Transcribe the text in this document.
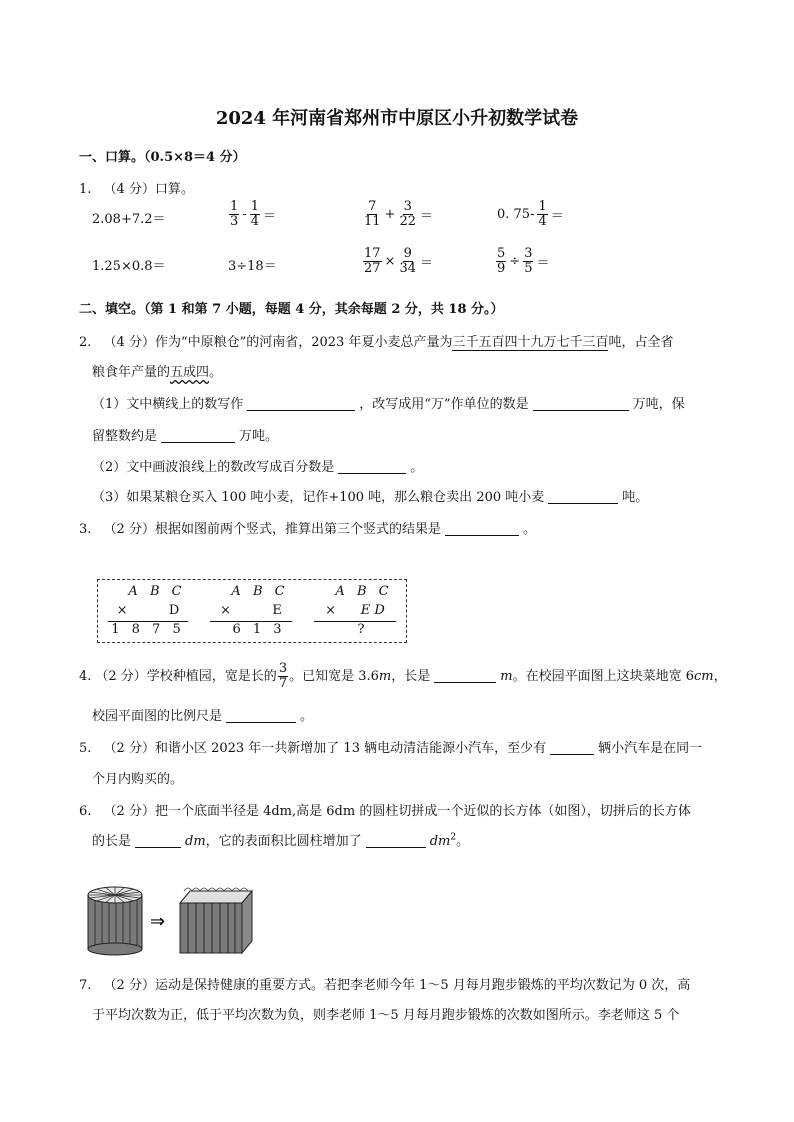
2024 年河南省郑州市中原区小升初数学试卷
一、口算。（0.5×8＝4 分）
1. （4 分）口算。
2.08+7.2＝	$\frac{1}{3} - \frac{1}{4}$ ＝	$\frac{7}{11} + \frac{3}{22}$ ＝	0. $75- \frac{1}{4}$ ＝
1.25×0.8＝	3÷18＝	$\frac{17}{27} \times \frac{9}{34}$ ＝	$\frac{5}{9} \div \frac{3}{5}$ ＝
二、填空。（第 1 和第 7 小题，每题 4 分，其余每题 2 分，共 18 分。）
2. （4 分）作为“中原粮仓”的河南省，2023 年夏小麦总产量为三千五百四十九万七千三百吨，占全省
粮食年产量的五成四。
（1）文中横线上的数写作	，改写成用“万”作单位的数是	万吨，保
留整数约是	万吨。
（2）文中画波浪线上的数改写成百分数是	。
（3）如果某粮仓买入 100 吨小麦，记作+100 吨，那么粮仓卖出 200 吨小麦	吨。
3. （2 分）根据如图前两个竖式，推算出第三个竖式的结果是	。
A B C
×          D
1 8 7 5
A B C
×          E
6 1 3
A B C
×      E D
?
4. （2 分）学校种植园，宽是长的 $\frac{3}{7}$ 。已知宽是 3.6m，长是	m。在校园平面图上这块菜地宽 6cm，
校园平面图的比例尺是	。
5. （2 分）和谐小区 2023 年一共新增加了 13 辆电动清洁能源小汽车，至少有	辆小汽车是在同一
个月内购买的。
6. （2 分）把一个底面半径是 4dm,高是 6dm 的圆柱切拼成一个近似的长方体（如图），切拼后的长方体
的长是	dm，它的表面积比圆柱增加了	$dm^2$。
⇒
7. （2 分）运动是保持健康的重要方式。若把李老师今年 1～5 月每月跑步锻炼的平均次数记为 0 次，高
于平均次数为正，低于平均次数为负，则李老师 1～5 月每月跑步锻炼的次数如图所示。李老师这 5 个
